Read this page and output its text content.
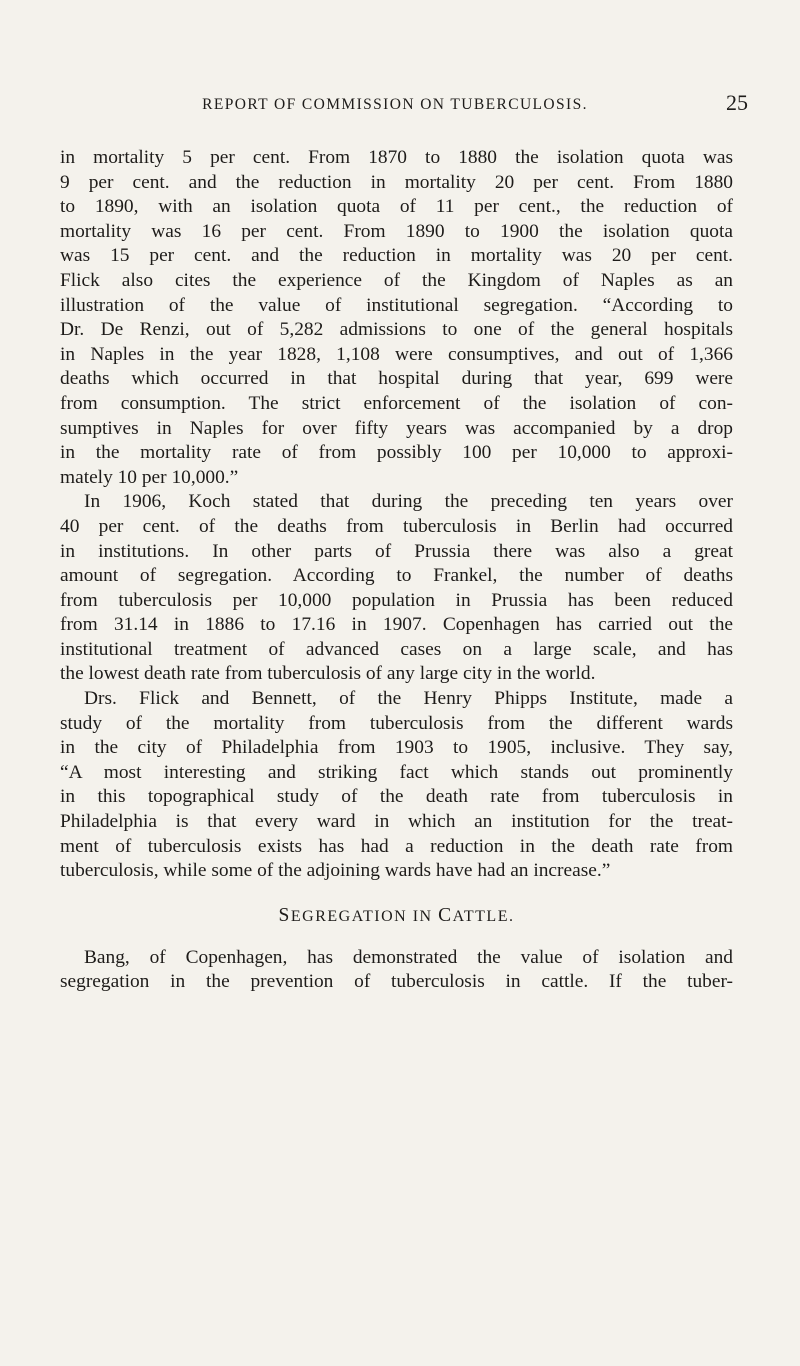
REPORT OF COMMISSION ON TUBERCULOSIS.	25
in mortality 5 per cent. From 1870 to 1880 the isolation quota was
9 per cent. and the reduction in mortality 20 per cent. From 1880
to 1890, with an isolation quota of 11 per cent., the reduction of
mortality was 16 per cent. From 1890 to 1900 the isolation quota
was 15 per cent. and the reduction in mortality was 20 per cent.
Flick also cites the experience of the Kingdom of Naples as an
illustration of the value of institutional segregation. “According to
Dr. De Renzi, out of 5,282 admissions to one of the general hospitals
in Naples in the year 1828, 1,108 were consumptives, and out of 1,366
deaths which occurred in that hospital during that year, 699 were
from consumption. The strict enforcement of the isolation of con-
sumptives in Naples for over fifty years was accompanied by a drop
in the mortality rate of from possibly 100 per 10,000 to approxi-
mately 10 per 10,000.”
In 1906, Koch stated that during the preceding ten years over
40 per cent. of the deaths from tuberculosis in Berlin had occurred
in institutions. In other parts of Prussia there was also a great
amount of segregation. According to Frankel, the number of deaths
from tuberculosis per 10,000 population in Prussia has been reduced
from 31.14 in 1886 to 17.16 in 1907. Copenhagen has carried out the
institutional treatment of advanced cases on a large scale, and has
the lowest death rate from tuberculosis of any large city in the world.
Drs. Flick and Bennett, of the Henry Phipps Institute, made a
study of the mortality from tuberculosis from the different wards
in the city of Philadelphia from 1903 to 1905, inclusive. They say,
“A most interesting and striking fact which stands out prominently
in this topographical study of the death rate from tuberculosis in
Philadelphia is that every ward in which an institution for the treat-
ment of tuberculosis exists has had a reduction in the death rate from
tuberculosis, while some of the adjoining wards have had an increase.”
SEGREGATION IN CATTLE.
Bang, of Copenhagen, has demonstrated the value of isolation and
segregation in the prevention of tuberculosis in cattle. If the tuber-
